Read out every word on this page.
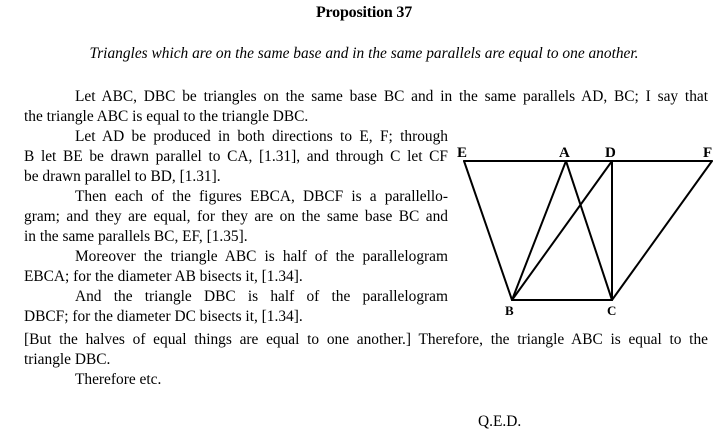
Proposition 37
Triangles which are on the same base and in the same parallels are equal to one another.
Let ABC, DBC be triangles on the same base BC and in the same parallels AD, BC; I say that
the triangle ABC is equal to the triangle DBC.
Let AD be produced in both directions to E, F; through
B let BE be drawn parallel to CA, [1.31], and through C let CF
be drawn parallel to BD, [1.31].
Then each of the figures EBCA, DBCF is a parallello-
gram; and they are equal, for they are on the same base BC and
in the same parallels BC, EF, [1.35].
Moreover the triangle ABC is half of the parallelogram
EBCA; for the diameter AB bisects it, [1.34].
And the triangle DBC is half of the parallelogram
DBCF; for the diameter DC bisects it, [1.34].
[But the halves of equal things are equal to one another.] Therefore, the triangle ABC is equal to the
triangle DBC.
Therefore etc.
E	A D	F
B	C
Q.E.D.
